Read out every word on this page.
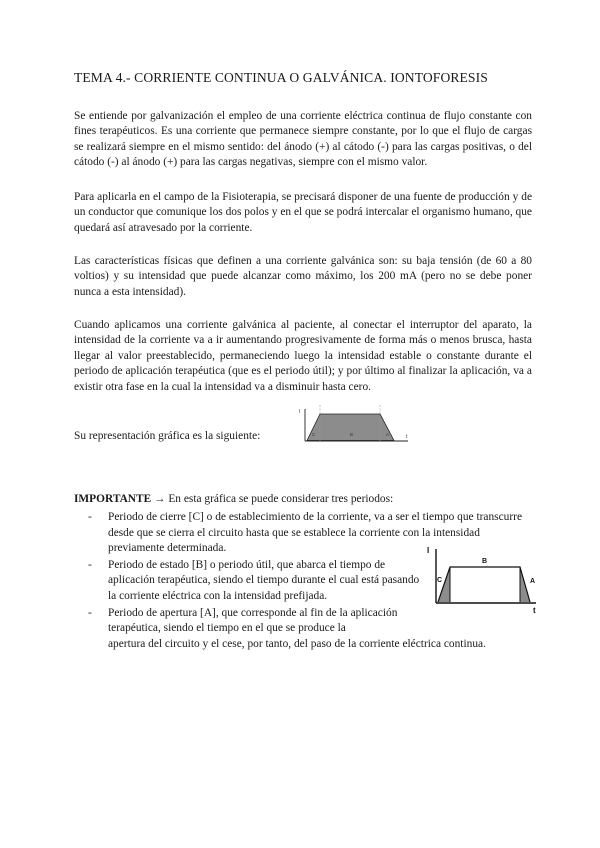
TEMA 4.- CORRIENTE CONTINUA O GALVÁNICA. IONTOFORESIS

Se entiende por galvanización el empleo de una corriente eléctrica continua de flujo constante con fines terapéuticos. Es una corriente que permanece siempre constante, por lo que el flujo de cargas se realizará siempre en el mismo sentido: del ánodo (+) al cátodo (-) para las cargas positivas, o del cátodo (-) al ánodo (+) para las cargas negativas, siempre con el mismo valor.

Para aplicarla en el campo de la Fisioterapia, se precisará disponer de una fuente de producción y de un conductor que comunique los dos polos y en el que se podrá intercalar el organismo humano, que quedará así atravesado por la corriente.

Las características físicas que definen a una corriente galvánica son: su baja tensión (de 60 a 80 voltios) y su intensidad que puede alcanzar como máximo, los 200 mA (pero no se debe poner nunca a esta intensidad).

Cuando aplicamos una corriente galvánica al paciente, al conectar el interruptor del aparato, la intensidad de la corriente va a ir aumentando progresivamente de forma más o menos brusca, hasta llegar al valor preestablecido, permaneciendo luego la intensidad estable o constante durante el periodo de aplicación terapéutica (que es el periodo útil); y por último al finalizar la aplicación, va a existir otra fase en la cual la intensidad va a disminuir hasta cero.

Su representación gráfica es la siguiente:
I
t
C	B	A
IMPORTANTE → En esta gráfica se puede considerar tres periodos:
- Periodo de cierre [C] o de establecimiento de la corriente, va a ser el tiempo que transcurre desde que se cierra el circuito hasta que se establece la corriente con la intensidad previamente determinada.
- Periodo de estado [B] o periodo útil, que abarca el tiempo de aplicación terapéutica, siendo el tiempo durante el cual está pasando la corriente eléctrica con la intensidad prefijada.
- Periodo de apertura [A], que corresponde al fin de la aplicación terapéutica, siendo el tiempo en el que se produce la
apertura del circuito y el cese, por tanto, del paso de la corriente eléctrica continua.
I
t
C
B
A
